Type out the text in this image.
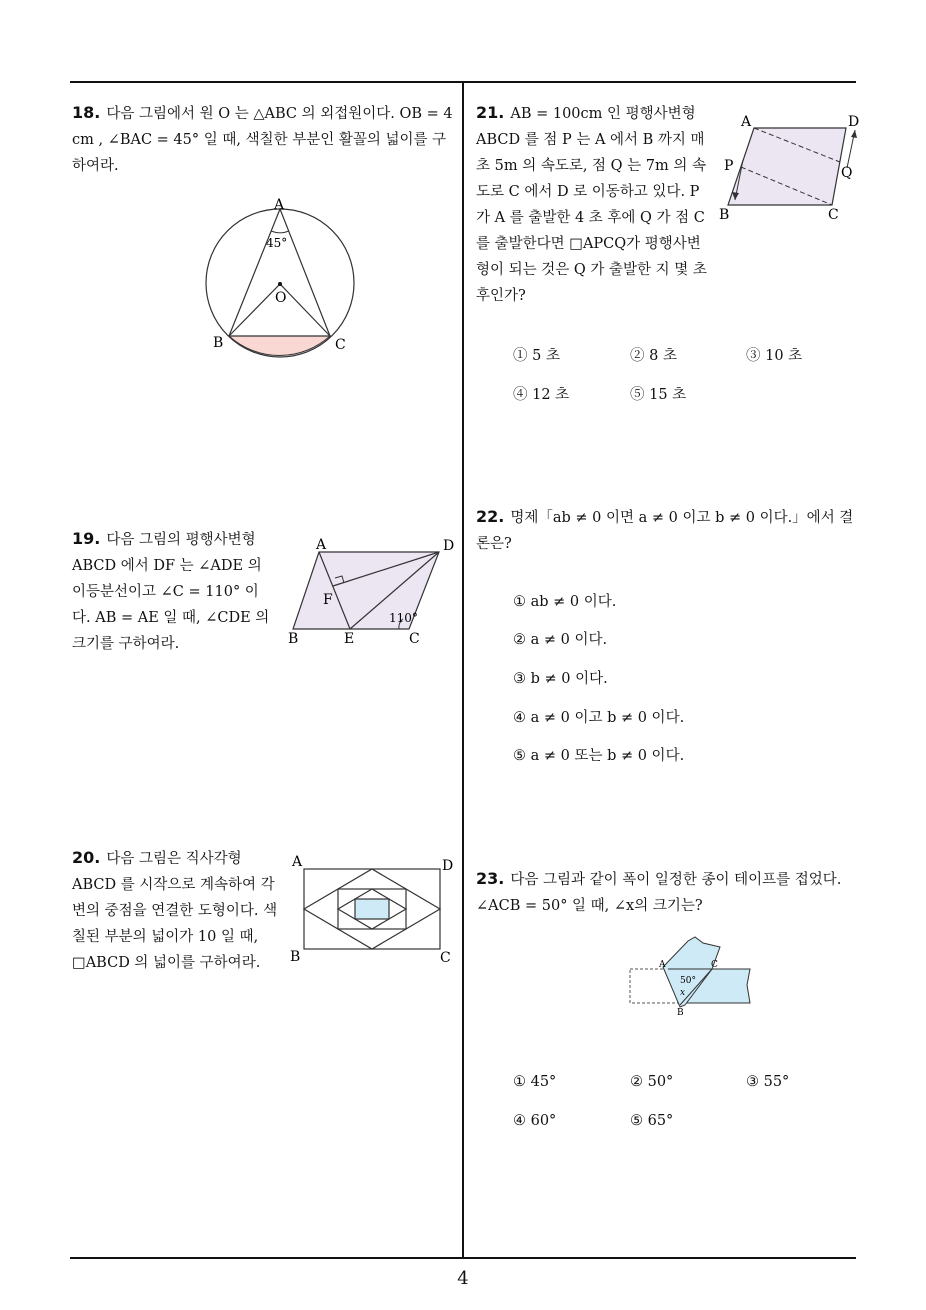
18. 다음 그림에서 원 O 는 △ABC 의 외접원이다. OB = 4 cm , ∠BAC = 45° 일 때, 색칠한 부분인 활꼴의 넓이를 구하여라.
A
45°
O
B	C
19. 다음 그림의 평행사변형 ABCD 에서 DF 는 ∠ADE 의 이등분선이고 ∠C = 110° 이다. AB = AE 일 때, ∠CDE 의 크기를 구하여라.
A	D
F
B	E	C
110°
20. 다음 그림은 직사각형 ABCD 를 시작으로 계속하여 각 변의 중점을 연결한 도형이다. 색칠된 부분의 넓이가 10 일 때, □ABCD 의 넓이를 구하여라.
A	D
B	C
21. AB = 100cm 인 평행사변형 ABCD 를 점 P 는 A 에서 B 까지 매초 5m 의 속도로, 점 Q 는 7m 의 속도로 C 에서 D 로 이동하고 있다. P 가 A 를 출발한 4 초 후에 Q 가 점 C 를 출발한다면 □APCQ가 평행사변형이 되는 것은 Q 가 출발한 지 몇 초 후인가?
A	D
P	Q
B	C
① 5 초	② 8 초	③ 10 초
④ 12 초	⑤ 15 초
22. 명제「ab ≠ 0 이면 a ≠ 0 이고 b ≠ 0 이다.」에서 결론은?
① ab ≠ 0 이다.
② a ≠ 0 이다.
③ b ≠ 0 이다.
④ a ≠ 0 이고 b ≠ 0 이다.
⑤ a ≠ 0 또는 b ≠ 0 이다.
23. 다음 그림과 같이 폭이 일정한 종이 테이프를 접었다. ∠ACB = 50° 일 때, ∠x의 크기는?
A	C
50°
x
B
① 45°	② 50°	③ 55°
④ 60°	⑤ 65°
4
